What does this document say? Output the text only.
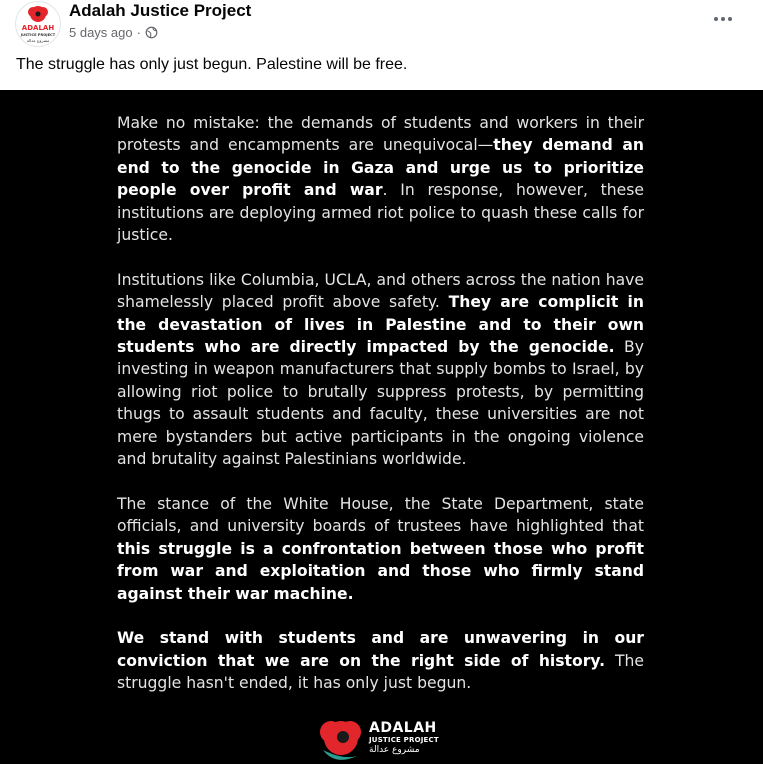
ADALAH
JUSTICE PROJECT
مشروع عدالة
Adalah Justice Project
5 days ago ·
The struggle has only just begun. Palestine will be free.

Make no mistake: the demands of students and workers in their protests and encampments are unequivocal—they demand an end to the genocide in Gaza and urge us to prioritize people over profit and war. In response, however, these institutions are deploying armed riot police to quash these calls for justice.

Institutions like Columbia, UCLA, and others across the nation have shamelessly placed profit above safety. They are complicit in the devastation of lives in Palestine and to their own students who are directly impacted by the genocide. By investing in weapon manufacturers that supply bombs to Israel, by allowing riot police to brutally suppress protests, by permitting thugs to assault students and faculty, these universities are not mere bystanders but active participants in the ongoing violence and brutality against Palestinians worldwide.

The stance of the White House, the State Department, state officials, and university boards of trustees have highlighted that this struggle is a confrontation between those who profit from war and exploitation and those who firmly stand against their war machine.

We stand with students and are unwavering in our conviction that we are on the right side of history. The struggle hasn't ended, it has only just begun.

ADALAH
JUSTICE PROJECT
مشروع عدالة
